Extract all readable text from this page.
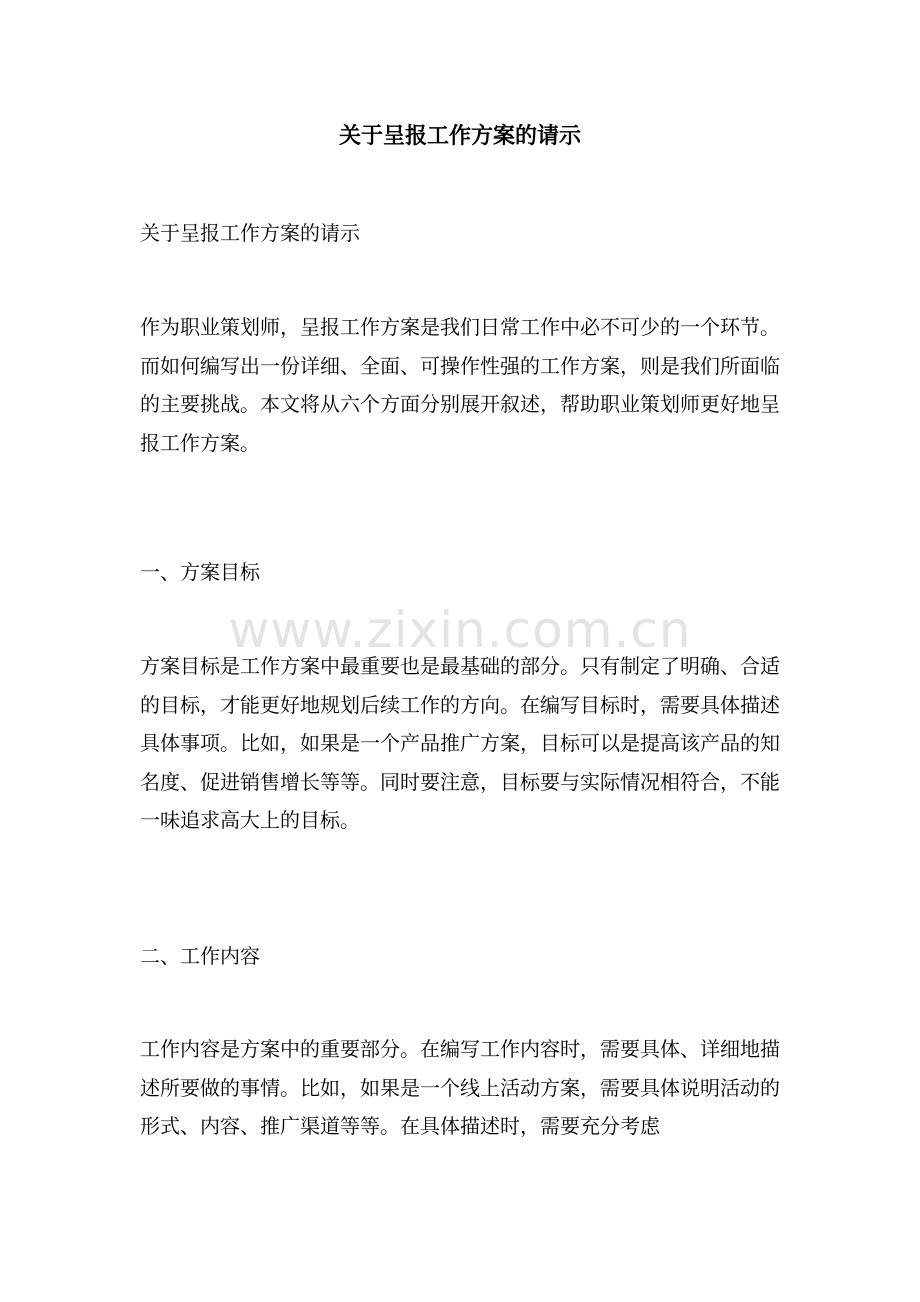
关于呈报工作方案的请示

关于呈报工作方案的请示

作为职业策划师，呈报工作方案是我们日常工作中必不可少的一个环节。而如何编写出一份详细、全面、可操作性强的工作方案，则是我们所面临的主要挑战。本文将从六个方面分别展开叙述，帮助职业策划师更好地呈报工作方案。

一、方案目标

方案目标是工作方案中最重要也是最基础的部分。只有制定了明确、合适的目标，才能更好地规划后续工作的方向。在编写目标时，需要具体描述具体事项。比如，如果是一个产品推广方案，目标可以是提高该产品的知名度、促进销售增长等等。同时要注意，目标要与实际情况相符合，不能一味追求高大上的目标。

二、工作内容

工作内容是方案中的重要部分。在编写工作内容时，需要具体、详细地描述所要做的事情。比如，如果是一个线上活动方案，需要具体说明活动的形式、内容、推广渠道等等。在具体描述时，需要充分考虑

www.zixin.com.cn
